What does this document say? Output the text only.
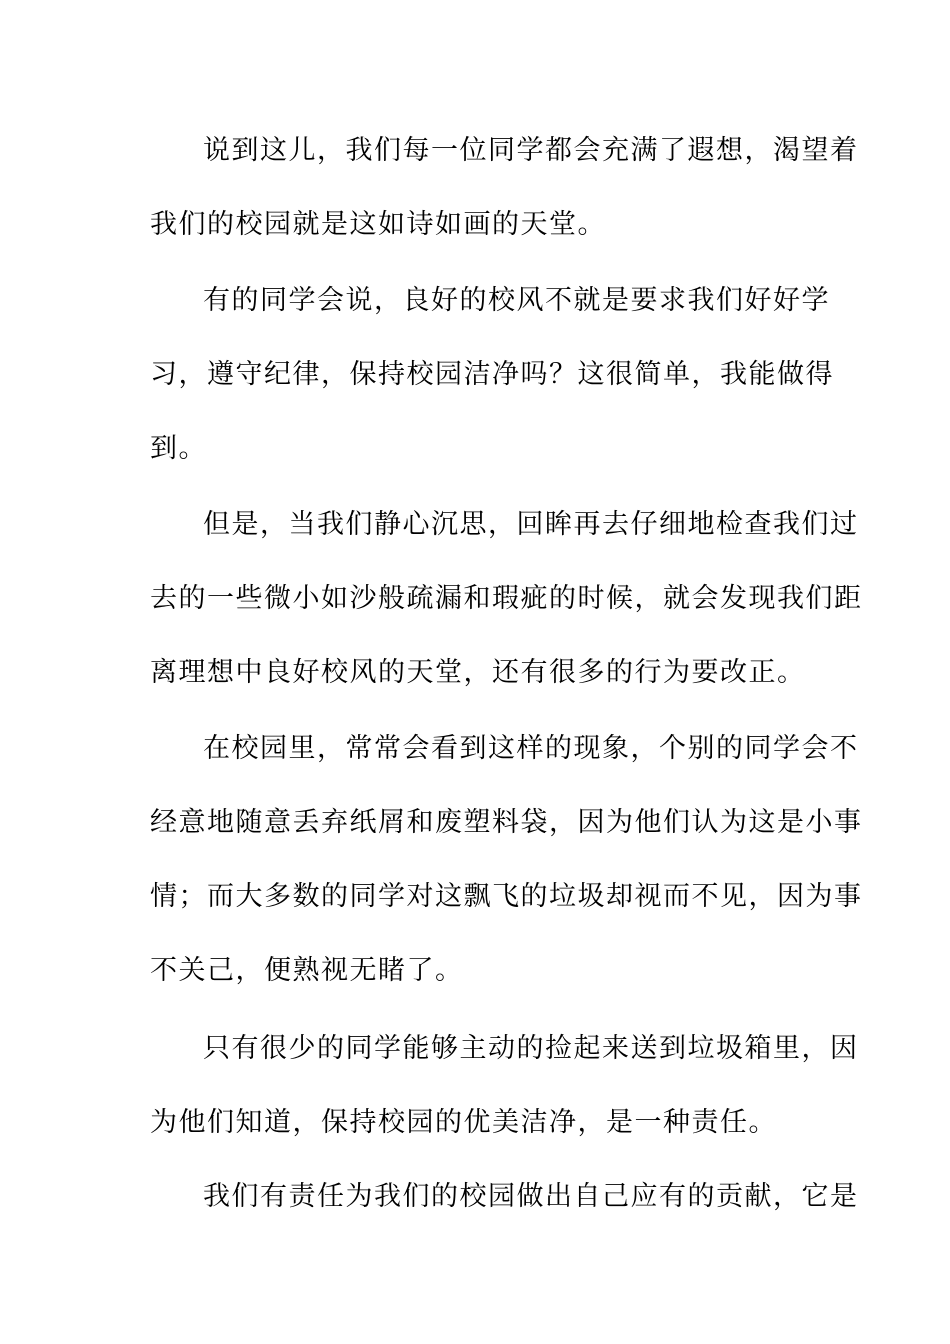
说到这儿，我们每一位同学都会充满了遐想，渴望着
我们的校园就是这如诗如画的天堂。
有的同学会说，良好的校风不就是要求我们好好学
习，遵守纪律，保持校园洁净吗？这很简单，我能做得
到。
但是，当我们静心沉思，回眸再去仔细地检查我们过
去的一些微小如沙般疏漏和瑕疵的时候，就会发现我们距
离理想中良好校风的天堂，还有很多的行为要改正。
在校园里，常常会看到这样的现象，个别的同学会不
经意地随意丢弃纸屑和废塑料袋，因为他们认为这是小事
情；而大多数的同学对这飘飞的垃圾却视而不见，因为事
不关己，便熟视无睹了。
只有很少的同学能够主动的捡起来送到垃圾箱里，因
为他们知道，保持校园的优美洁净，是一种责任。
我们有责任为我们的校园做出自己应有的贡献，它是
